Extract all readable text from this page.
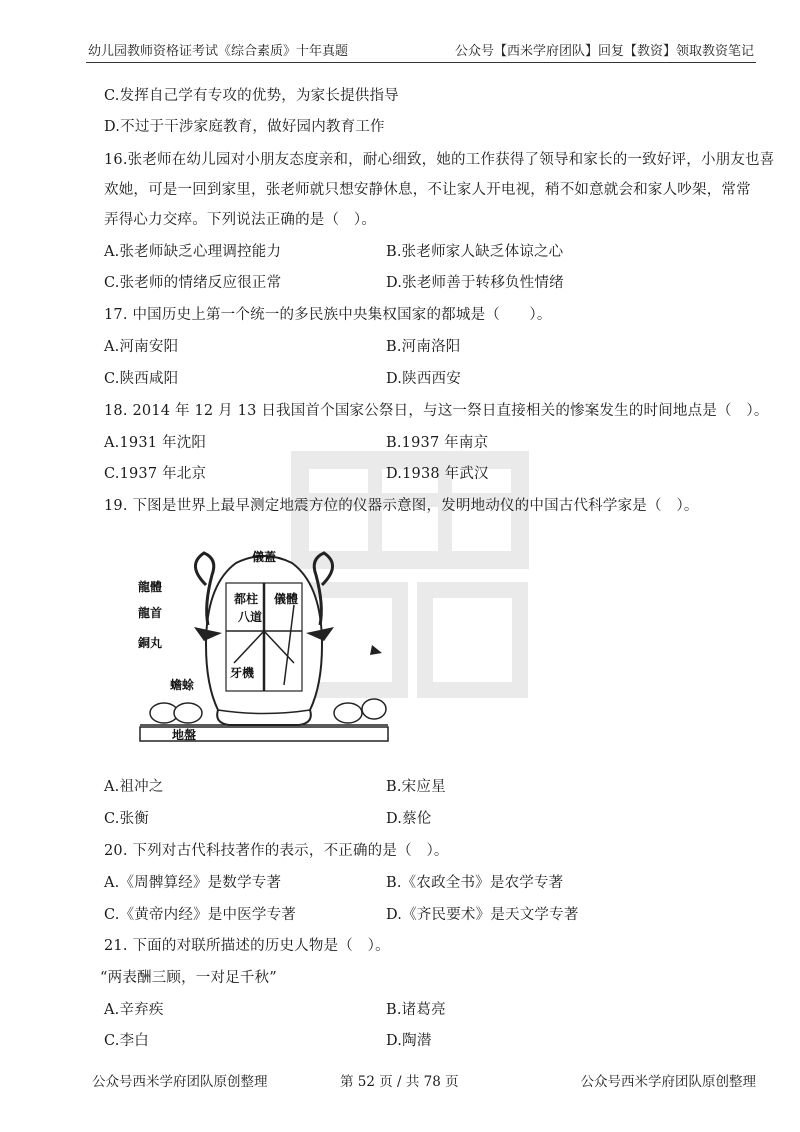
幼儿园教师资格证考试《综合素质》十年真题	公众号【西米学府团队】回复【教资】领取教资笔记
C.发挥自己学有专攻的优势，为家长提供指导
D.不过于干涉家庭教育，做好园内教育工作
16.张老师在幼儿园对小朋友态度亲和，耐心细致，她的工作获得了领导和家长的一致好评，小朋友也喜
欢她，可是一回到家里，张老师就只想安静休息，不让家人开电视，稍不如意就会和家人吵架，常常
弄得心力交瘁。下列说法正确的是（　）。
A.张老师缺乏心理调控能力	B.张老师家人缺乏体谅之心
C.张老师的情绪反应很正常	D.张老师善于转移负性情绪
17. 中国历史上第一个统一的多民族中央集权国家的都城是（　　）。
A.河南安阳	B.河南洛阳
C.陕西咸阳	D.陕西西安
18. 2014 年 12 月 13 日我国首个国家公祭日，与这一祭日直接相关的惨案发生的时间地点是（　）。
A.1931 年沈阳	B.1937 年南京
C.1937 年北京	D.1938 年武汉
19. 下图是世界上最早测定地震方位的仪器示意图，发明地动仪的中国古代科学家是（　）。
儀蓋
龍體
龍首
銅丸
都柱
八道
儀體
牙機
蟾蜍
地盤
A.祖冲之	B.宋应星
C.张衡	D.蔡伦
20. 下列对古代科技著作的表示，不正确的是（　）。
A.《周髀算经》是数学专著	B.《农政全书》是农学专著
C.《黄帝内经》是中医学专著	D.《齐民要术》是天文学专著
21. 下面的对联所描述的历史人物是（　）。
“两表酬三顾，一对足千秋”
A.辛弃疾	B.诸葛亮
C.李白	D.陶潜
公众号西米学府团队原创整理	第 52 页 / 共 78 页	公众号西米学府团队原创整理
